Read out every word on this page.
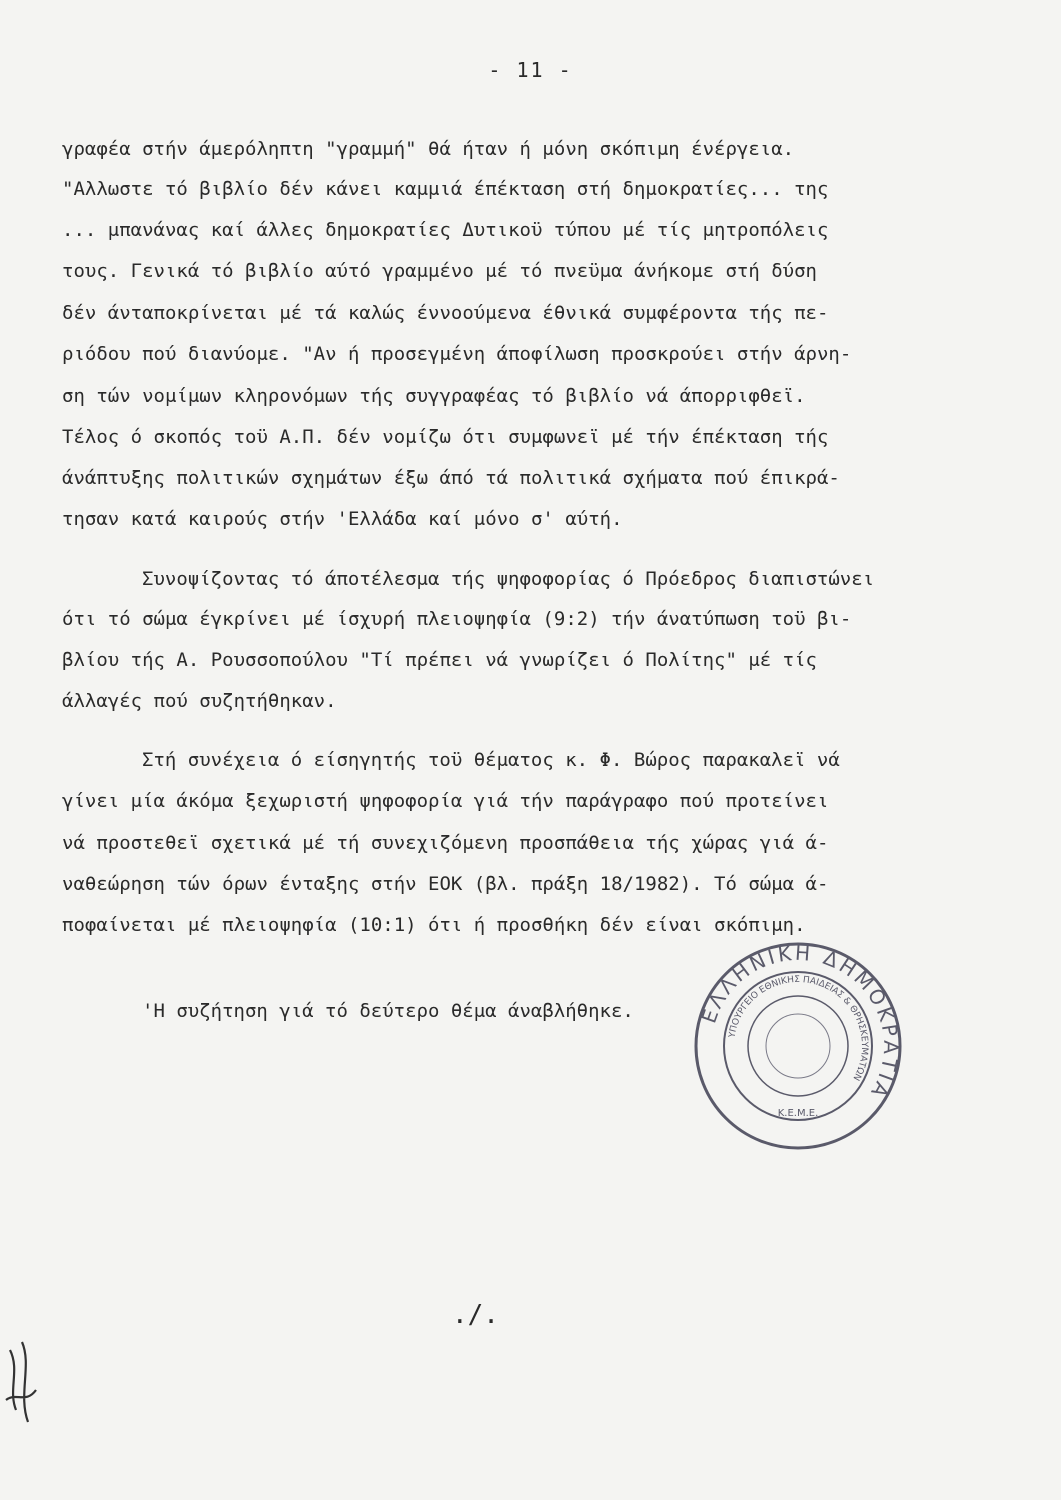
- 11 -
γραφέα στήν άμερόληπτη "γραμμή" θά ήταν ή μόνη σκόπιμη ένέργεια.
"Αλλωστε τό βιβλίο δέν κάνει καμμιά έπέκταση στή δημοκρατίες... της
... μπανάνας καί άλλες δημοκρατίες Δυτικοϋ τύπου μέ τίς μητροπόλεις
τους. Γενικά τό βιβλίο αύτό γραμμένο μέ τό πνεϋμα άνήκομε στή δύση
δέν άνταποκρίνεται μέ τά καλώς έννοούμενα έθνικά συμφέροντα τής πε-
ριόδου πού διανύομε. "Αν ή προσεγμένη άποφίλωση προσκρούει στήν άρνη-
ση τών νομίμων κληρονόμων τής συγγραφέας τό βιβλίο νά άπορριφθεϊ.
Τέλος ό σκοπός τοϋ Α.Π. δέν νομίζω ότι συμφωνεϊ μέ τήν έπέκταση τής
άνάπτυξης πολιτικών σχημάτων έξω άπό τά πολιτικά σχήματα πού έπικρά-
τησαν κατά καιρούς στήν 'Ελλάδα καί μόνο σ' αύτή.
Συνοψίζοντας τό άποτέλεσμα τής ψηφοφορίας ό Πρόεδρος διαπιστώνει
ότι τό σώμα έγκρίνει μέ ίσχυρή πλειοψηφία (9:2) τήν άνατύπωση τοϋ βι-
βλίου τής Α. Ρουσσοπούλου "Τί πρέπει νά γνωρίζει ό Πολίτης" μέ τίς
άλλαγές πού συζητήθηκαν.
Στή συνέχεια ό είσηγητής τοϋ θέματος κ. Φ. Βώρος παρακαλεϊ νά
γίνει μία άκόμα ξεχωριστή ψηφοφορία γιά τήν παράγραφο πού προτείνει
νά προστεθεϊ σχετικά μέ τή συνεχιζόμενη προσπάθεια τής χώρας γιά ά-
ναθεώρηση τών όρων ένταξης στήν ΕΟΚ (βλ. πράξη 18/1982). Τό σώμα ά-
ποφαίνεται μέ πλειοψηφία (10:1) ότι ή προσθήκη δέν είναι σκόπιμη.
'Η συζήτηση γιά τό δεύτερο θέμα άναβλήθηκε.	ΕΛΛΗΝΙΚΗ ΔΗΜΟΚΡΑΤΙΑ
ΥΠΟΥΡΓΕΙΟ ΕΘΝΙΚΗΣ ΠΑΙΔΕΙΑΣ & ΘΡΗΣΚΕΥΜΑΤΩΝ
Κ.Ε.Μ.Ε.
./.
